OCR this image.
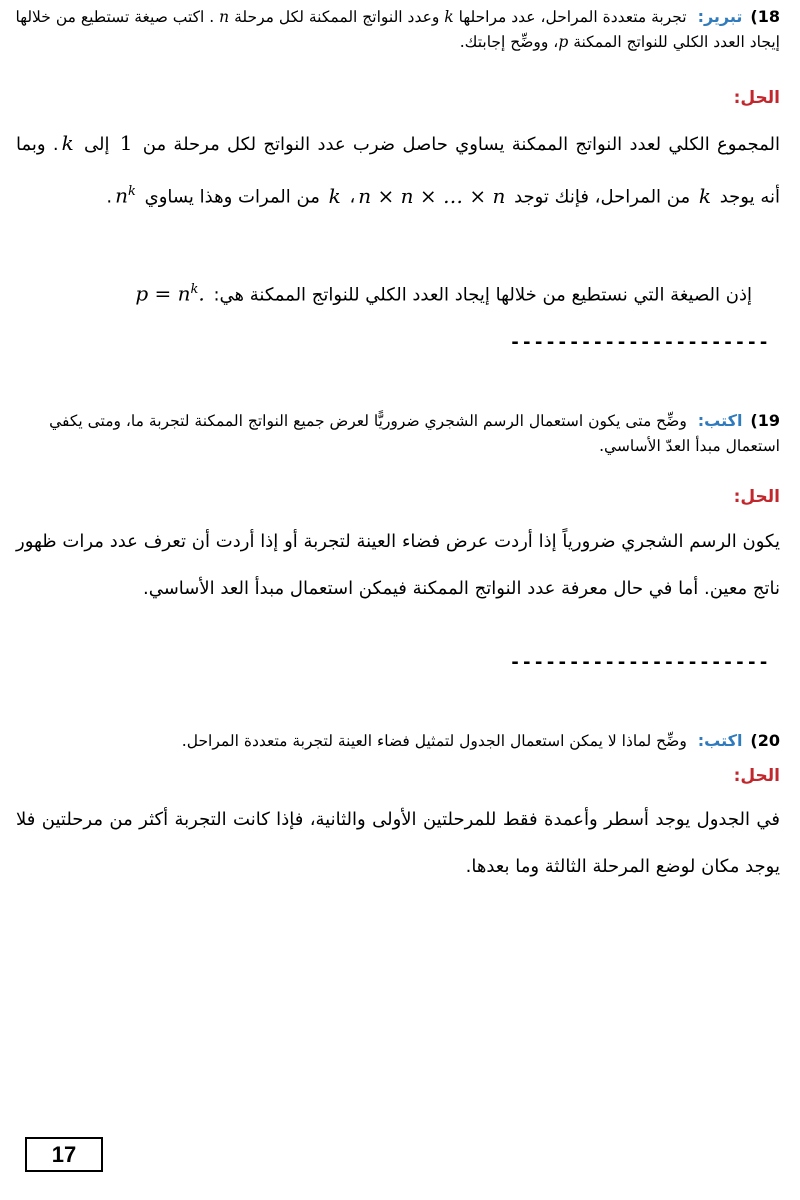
18)تبرير: تجربة متعددة المراحل، عدد مراحلها k وعدد النواتج الممكنة لكل مرحلة n . اكتب صيغة تستطيع من خلالها إيجاد العدد الكلي للنواتج الممكنة p، ووضِّح إجابتك.
الحل:
المجموع الكلي لعدد النواتج الممكنة يساوي حاصل ضرب عدد النواتج لكل مرحلة من 1 إلى k. وبما أنه يوجد k من المراحل، فإنك توجد n × n × … × n، k من المرات وهذا يساوي $n^k$.
إذن الصيغة التي نستطيع من خلالها إيجاد العدد الكلي للنواتج الممكنة هي: $p = n^k$.
----------------------
19)اكتب: وضِّح متى يكون استعمال الرسم الشجري ضروريًّا لعرض جميع النواتج الممكنة لتجربة ما، ومتى يكفي استعمال مبدأ العدّ الأساسي.
الحل:
يكون الرسم الشجري ضرورياً إذا أردت عرض فضاء العينة لتجربة أو إذا أردت أن تعرف عدد مرات ظهور ناتج معين. أما في حال معرفة عدد النواتج الممكنة فيمكن استعمال مبدأ العد الأساسي.
----------------------
20)اكتب: وضِّح لماذا لا يمكن استعمال الجدول لتمثيل فضاء العينة لتجربة متعددة المراحل.
الحل:
في الجدول يوجد أسطر وأعمدة فقط للمرحلتين الأولى والثانية، فإذا كانت التجربة أكثر من مرحلتين فلا يوجد مكان لوضع المرحلة الثالثة وما بعدها.
17
